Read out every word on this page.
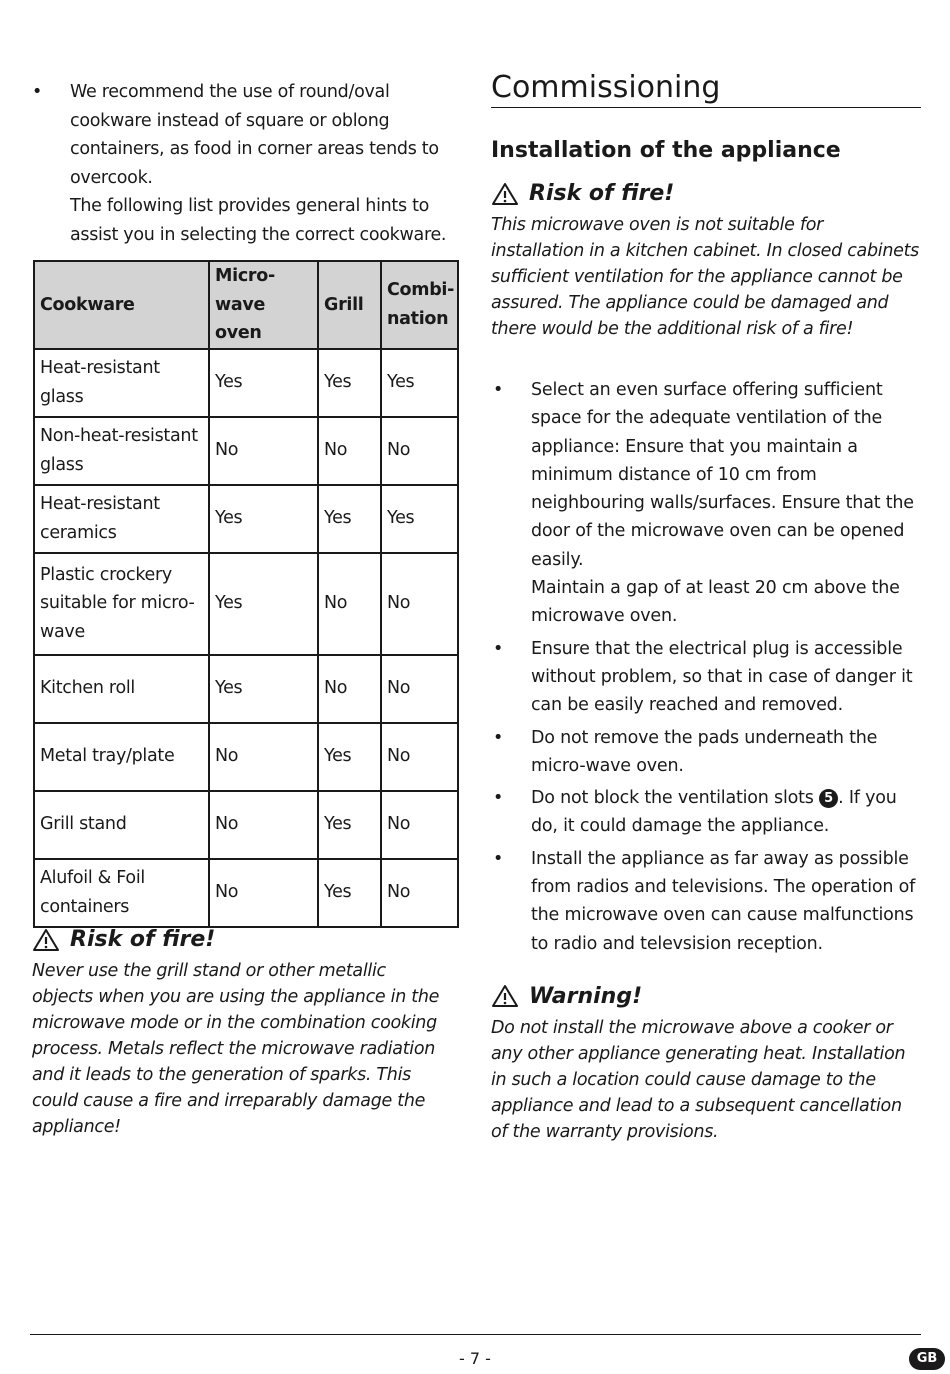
• We recommend the use of round/oval cookware instead of square or oblong containers, as food in corner areas tends to overcook.

The following list provides general hints to assist you in selecting the correct cookware.

Cookware	Micro-wave oven	Grill	Combi-nation
Heat-resistant glass	Yes	Yes	Yes
Non-heat-resistant glass	No	No	No
Heat-resistant ceramics	Yes	Yes	Yes
Plastic crockery suitable for micro-wave	Yes	No	No
Kitchen roll	Yes	No	No
Metal tray/plate	No	Yes	No
Grill stand	No	Yes	No
Alufoil & Foil containers	No	Yes	No
Risk of fire!

Never use the grill stand or other metallic objects when you are using the appliance in the microwave mode or in the combination cooking process. Metals reflect the microwave radiation and it leads to the generation of sparks. This could cause a fire and irreparably damage the appliance!

Commissioning
Installation of the appliance
Risk of fire!

This microwave oven is not suitable for installation in a kitchen cabinet. In closed cabinets sufficient ventilation for the appliance cannot be assured. The appliance could be damaged and there would be the additional risk of a fire!

• Select an even surface offering sufficient space for the adequate ventilation of the appliance: Ensure that you maintain a minimum distance of 10 cm from neighbouring walls/surfaces. Ensure that the door of the microwave oven can be opened easily.

Maintain a gap of at least 20 cm above the microwave oven.

• Ensure that the electrical plug is accessible without problem, so that in case of danger it can be easily reached and removed.

• Do not remove the pads underneath the micro-wave oven.

• Do not block the ventilation slots 5 . If you do, it could damage the appliance.

• Install the appliance as far away as possible from radios and televisions. The operation of the microwave oven can cause malfunctions to radio and televsision reception.

Warning!

Do not install the microwave above a cooker or any other appliance generating heat. Installation in such a location could cause damage to the appliance and lead to a subsequent cancellation of the warranty provisions.

- 7 -	GB
